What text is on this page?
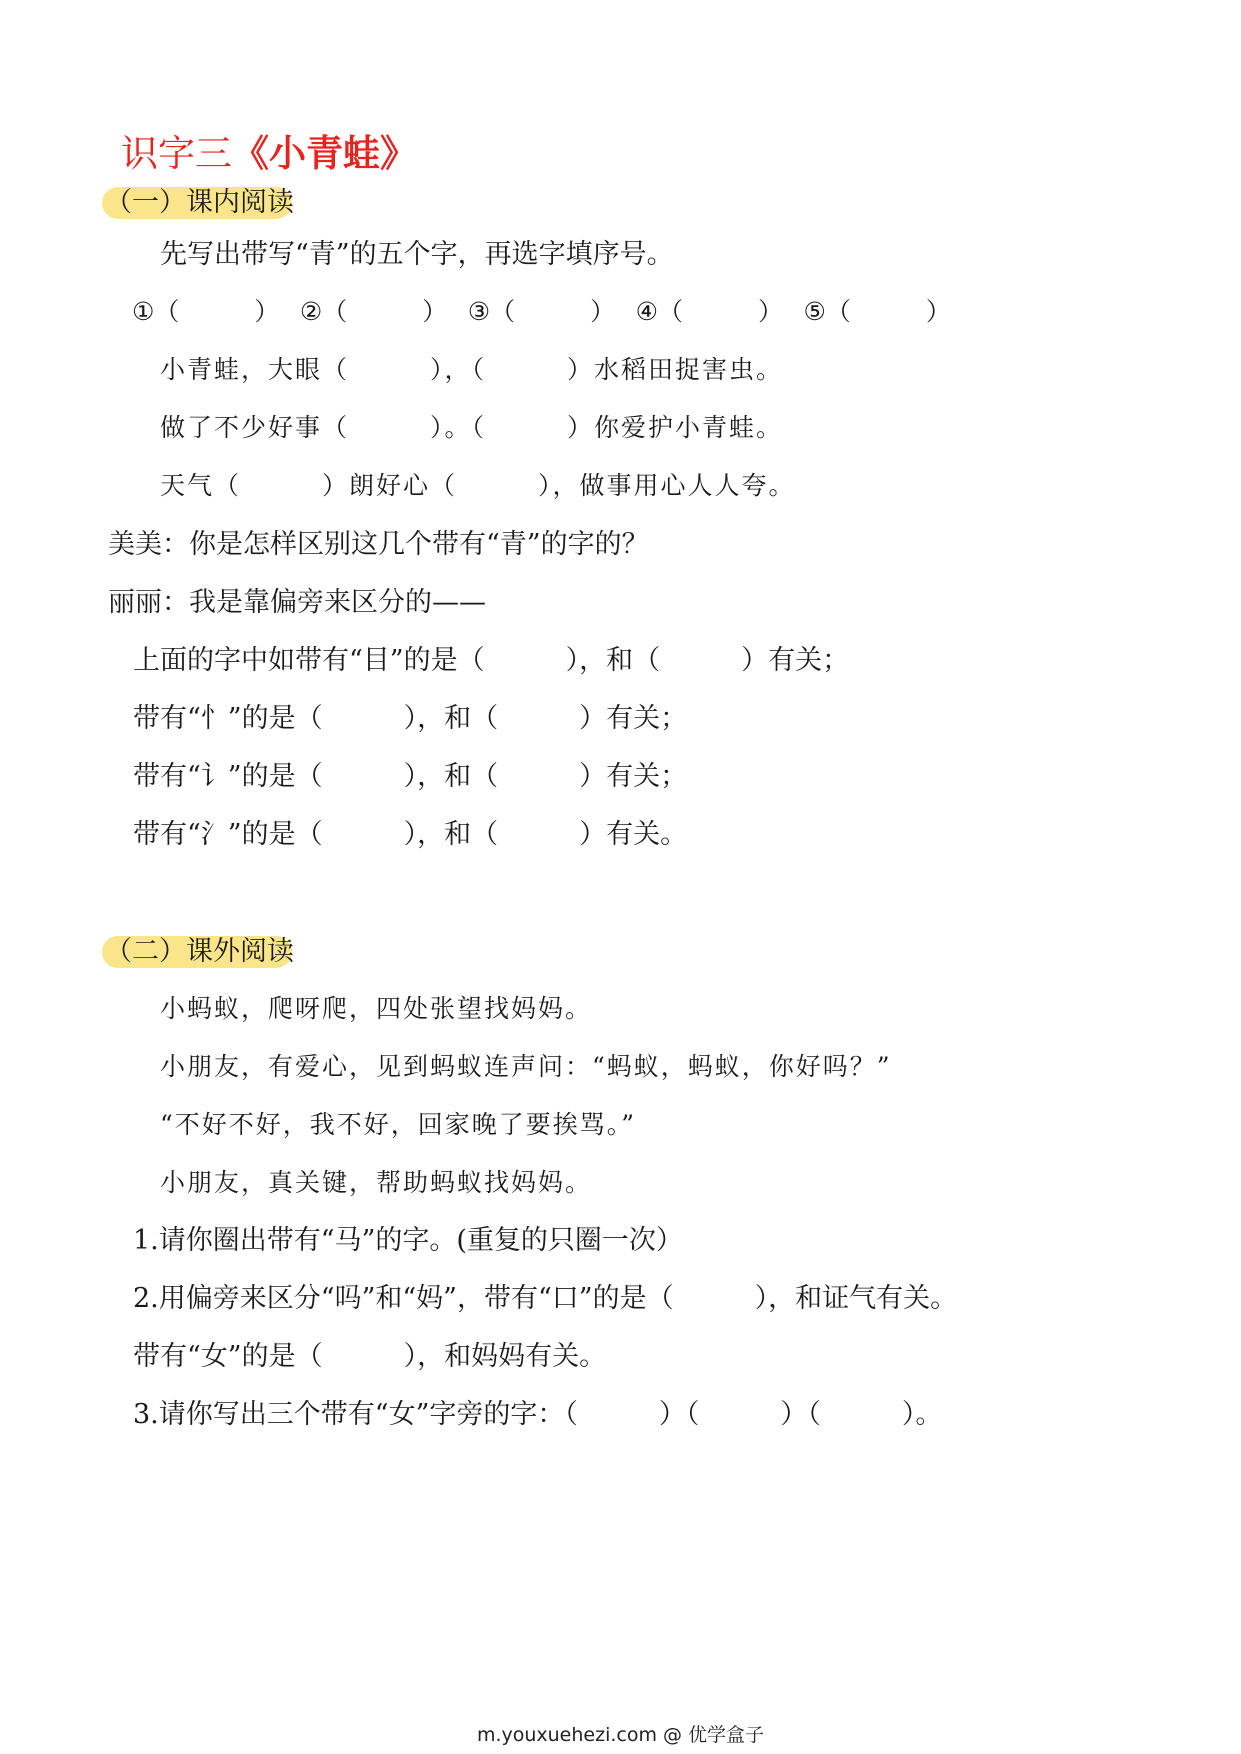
识字三《小青蛙》
（一）课内阅读
先写出带写“青”的五个字，再选字填序号。
①（　　　）　 ②（　　　）　 ③（　　　）　 ④（　　　）　 ⑤（　　　）
小青蛙，大眼（　　　），（　　　）水稻田捉害虫。
做了不少好事（　　　）。（　　　）你爱护小青蛙。
天气（　　　）朗好心（　　　），做事用心人人夸。
美美：你是怎样区别这几个带有“青”的字的？
丽丽：我是靠偏旁来区分的——
上面的字中如带有“目”的是（　　　），和（　　　）有关；
带有“忄”的是（　　　），和（　　　）有关；
带有“讠”的是（　　　），和（　　　）有关；
带有“氵”的是（　　　），和（　　　）有关。
（二）课外阅读
小蚂蚁，爬呀爬，四处张望找妈妈。
小朋友，有爱心，见到蚂蚁连声问：“蚂蚁，蚂蚁，你好吗？”
“不好不好，我不好，回家晚了要挨骂。”
小朋友，真关键，帮助蚂蚁找妈妈。
1.请你圈出带有“马”的字。(重复的只圈一次）
2.用偏旁来区分“吗”和“妈”，带有“口”的是（　　　），和证气有关。
带有“女”的是（　　　），和妈妈有关。
3.请你写出三个带有“女”字旁的字：（　　　）（　　　）（　　　）。
m.youxuehezi.com @ 优学盒子
